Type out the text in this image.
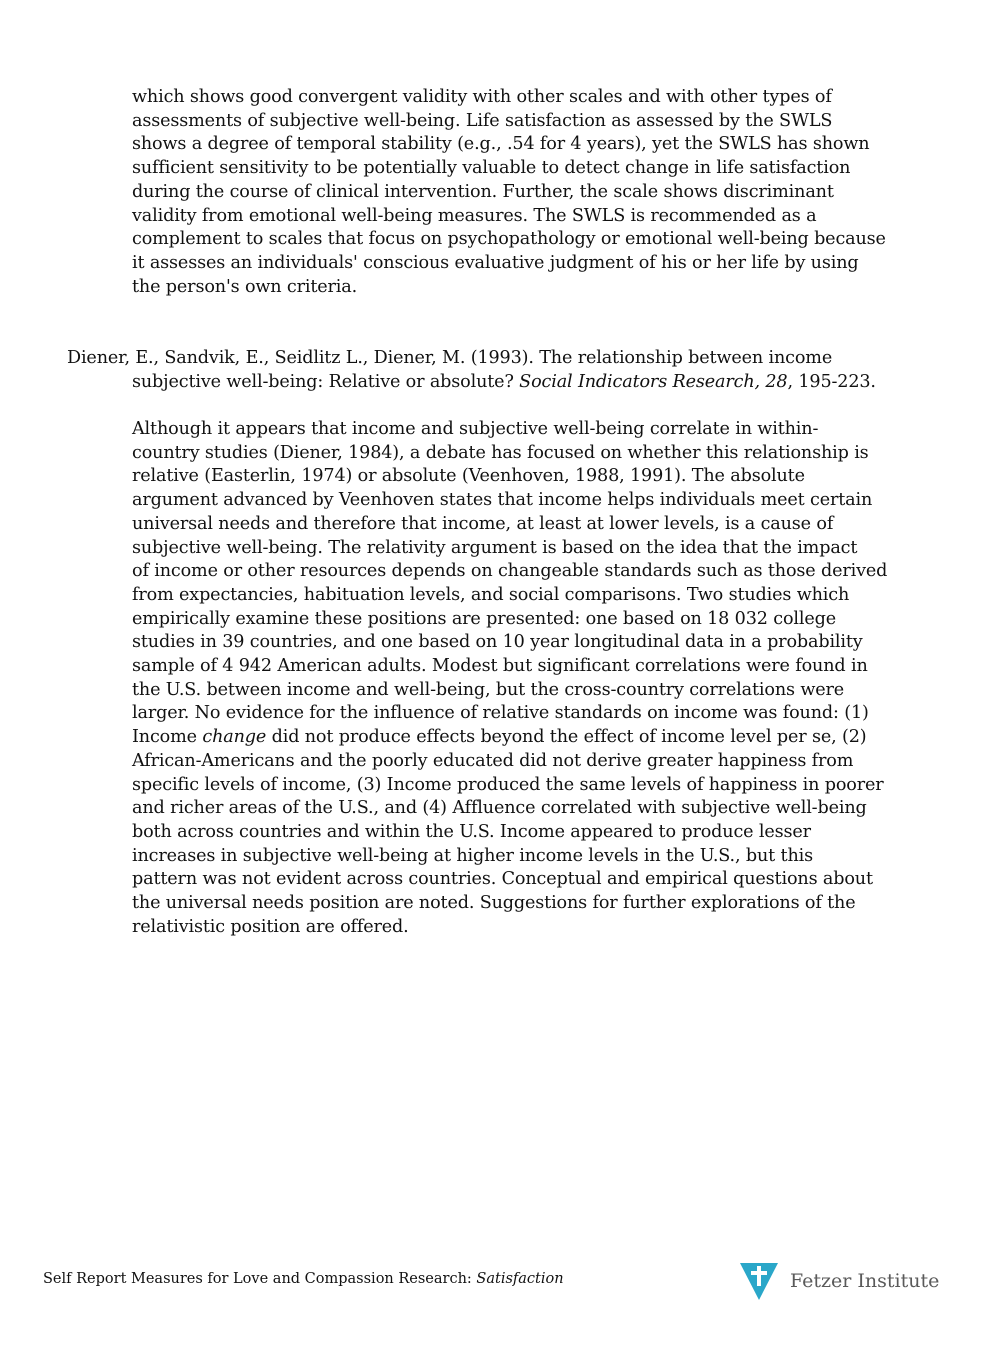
which shows good convergent validity with other scales and with other types of
assessments of subjective well-being. Life satisfaction as assessed by the SWLS
shows a degree of temporal stability (e.g., .54 for 4 years), yet the SWLS has shown
sufficient sensitivity to be potentially valuable to detect change in life satisfaction
during the course of clinical intervention. Further, the scale shows discriminant
validity from emotional well-being measures. The SWLS is recommended as a
complement to scales that focus on psychopathology or emotional well-being because
it assesses an individuals' conscious evaluative judgment of his or her life by using
the person's own criteria.

Diener, E., Sandvik, E., Seidlitz L., Diener, M. (1993). The relationship between income
subjective well-being: Relative or absolute? Social Indicators Research, 28, 195-223.

Although it appears that income and subjective well-being correlate in within-
country studies (Diener, 1984), a debate has focused on whether this relationship is
relative (Easterlin, 1974) or absolute (Veenhoven, 1988, 1991). The absolute
argument advanced by Veenhoven states that income helps individuals meet certain
universal needs and therefore that income, at least at lower levels, is a cause of
subjective well-being. The relativity argument is based on the idea that the impact
of income or other resources depends on changeable standards such as those derived
from expectancies, habituation levels, and social comparisons. Two studies which
empirically examine these positions are presented: one based on 18 032 college
studies in 39 countries, and one based on 10 year longitudinal data in a probability
sample of 4 942 American adults. Modest but significant correlations were found in
the U.S. between income and well-being, but the cross-country correlations were
larger. No evidence for the influence of relative standards on income was found: (1)
Income change did not produce effects beyond the effect of income level per se, (2)
African-Americans and the poorly educated did not derive greater happiness from
specific levels of income, (3) Income produced the same levels of happiness in poorer
and richer areas of the U.S., and (4) Affluence correlated with subjective well-being
both across countries and within the U.S. Income appeared to produce lesser
increases in subjective well-being at higher income levels in the U.S., but this
pattern was not evident across countries. Conceptual and empirical questions about
the universal needs position are noted. Suggestions for further explorations of the
relativistic position are offered.

Self Report Measures for Love and Compassion Research: Satisfaction	Fetzer Institute
